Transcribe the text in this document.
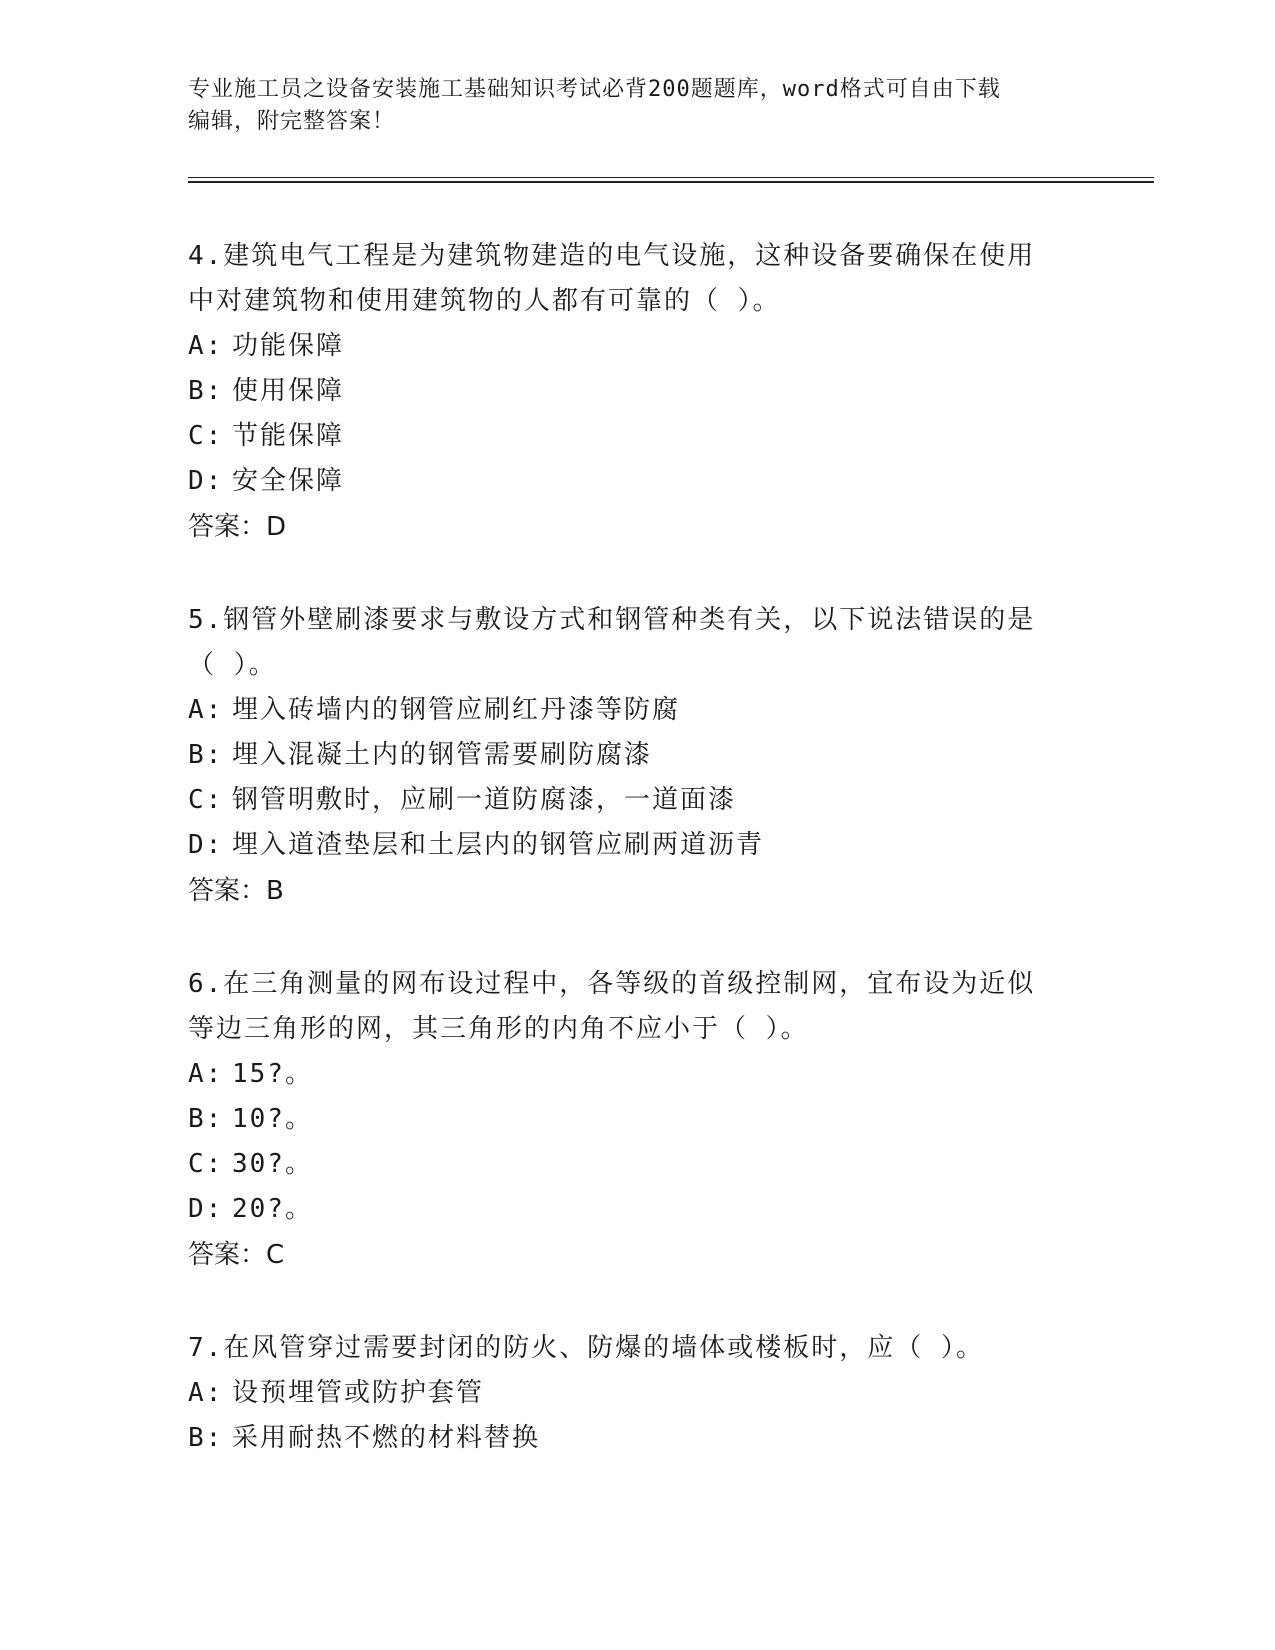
专业施工员之设备安装施工基础知识考试必背200题题库，word格式可自由下载
编辑，附完整答案！

4.建筑电气工程是为建筑物建造的电气设施，这种设备要确保在使用

中对建筑物和使用建筑物的人都有可靠的（ ）。

A: 功能保障

B: 使用保障

C: 节能保障

D: 安全保障

答案：D

5.钢管外壁刷漆要求与敷设方式和钢管种类有关，以下说法错误的是

（ ）。

A: 埋入砖墙内的钢管应刷红丹漆等防腐

B: 埋入混凝土内的钢管需要刷防腐漆

C: 钢管明敷时，应刷一道防腐漆，一道面漆

D: 埋入道渣垫层和土层内的钢管应刷两道沥青

答案：B

6.在三角测量的网布设过程中，各等级的首级控制网，宜布设为近似

等边三角形的网，其三角形的内角不应小于（ ）。

A: 15?。

B: 10?。

C: 30?。

D: 20?。

答案：C

7.在风管穿过需要封闭的防火、防爆的墙体或楼板时，应（ ）。

A: 设预埋管或防护套管

B: 采用耐热不燃的材料替换
